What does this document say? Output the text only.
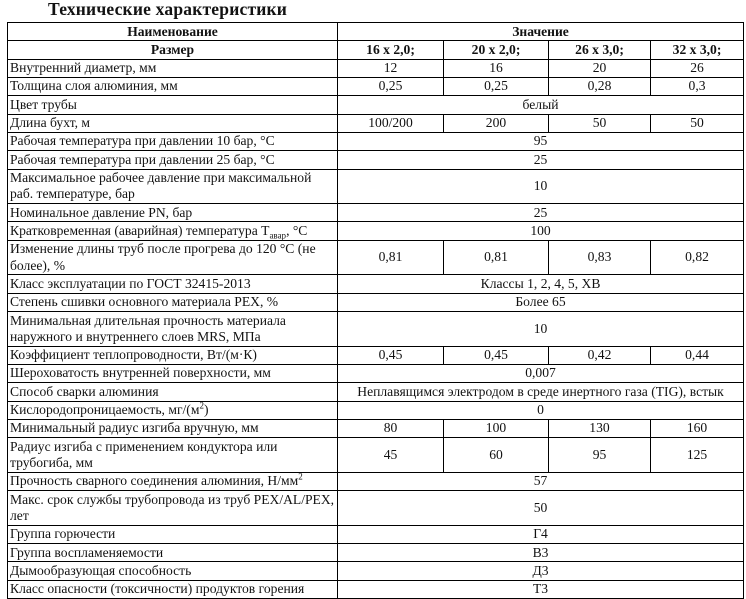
Технические характеристики
Наименование	Значение			
Размер	16 х 2,0;	20 х 2,0;	26 х 3,0;	32 х 3,0;
Внутренний диаметр, мм	12	16	20	26
Толщина слоя алюминия, мм	0,25	0,25	0,28	0,3
Цвет трубы	белый			
Длина бухт, м	100/200	200	50	50
Рабочая температура при давлении 10 бар, °С	95			
Рабочая температура при давлении 25 бар, °С	25			
Максимальное рабочее давление при максимальной раб. температуре, бар	10			
Номинальное давление PN, бар	25			
Кратковременная (аварийная) температура $Т_{авар}$, °С	100			
Изменение длины труб после прогрева до 120 °С (не более), %	0,81	0,81	0,83	0,82
Класс эксплуатации по ГОСТ 32415-2013	Классы 1, 2, 4, 5, ХВ			
Степень сшивки основного материала РЕХ, %	Более 65			
Минимальная длительная прочность материала наружного и внутреннего слоев MRS, МПа	10			
Коэффициент теплопроводности, Вт/(м·К)	0,45	0,45	0,42	0,44
Шероховатость внутренней поверхности, мм	0,007			
Способ сварки алюминия	Неплавящимся электродом в среде инертного газа (TIG), встык			
Кислородопроницаемость, $мг/(м^2)$	0			
Минимальный радиус изгиба вручную, мм	80	100	130	160
Радиус изгиба с применением кондуктора или трубогиба, мм	45	60	95	125
Прочность сварного соединения алюминия, $Н/мм^2$	57			
Макс. срок службы трубопровода из труб РЕХ/AL/РЕХ, лет	50			
Группа горючести	Г4			
Группа воспламеняемости	В3			
Дымообразующая способность	Д3			
Класс опасности (токсичности) продуктов горения	Т3			
